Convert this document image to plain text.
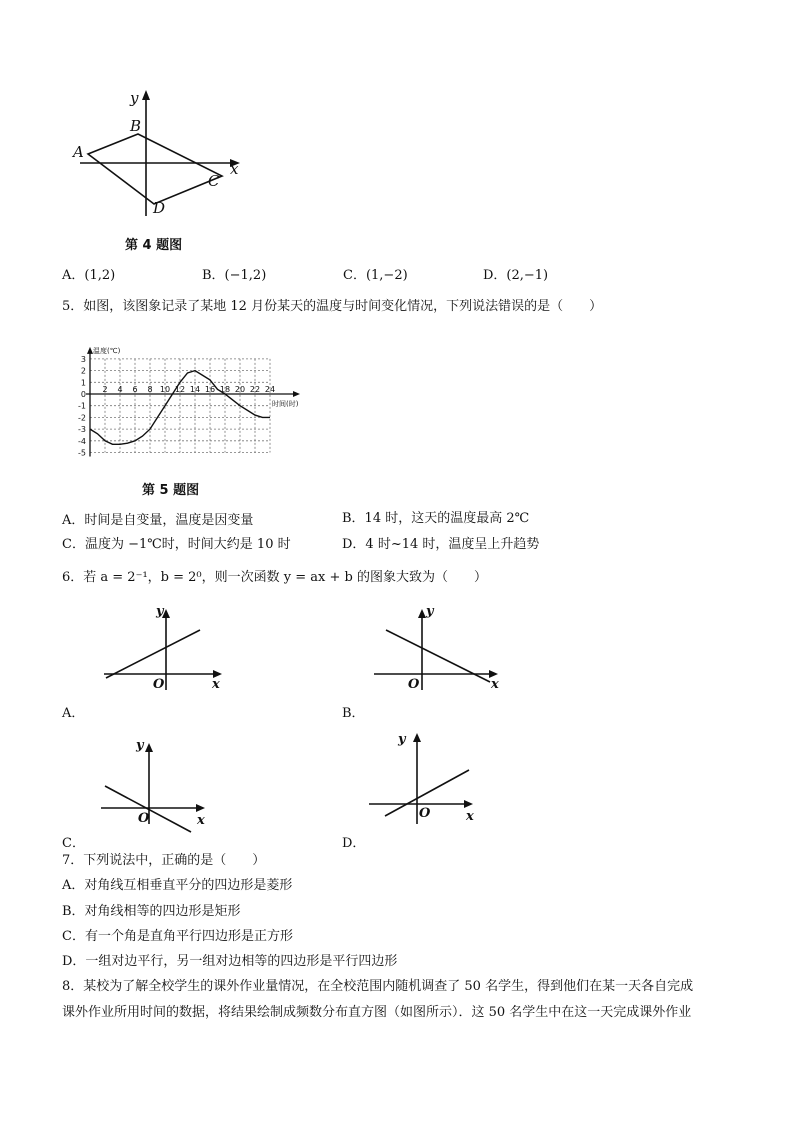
y
x
A
B
C
D
第 4 题图
A．(1,2)	B．(−1,2)	C．(1,−2)	D．(2,−1)
5．如图，该图象记录了某地 12 月份某天的温度与时间变化情况，下列说法错误的是（　　）
温度(℃)
时间(时)
2 4 6 8 10 12 14 16 18 20 22 24
3
2
1
0
-1
-2
-3
-4
-5
第 5 题图
A．时间是自变量，温度是因变量	B．14 时，这天的温度最高 2℃
C．温度为 −1℃时，时间大约是 10 时	D．4 时~14 时，温度呈上升趋势
6．若 a = 2⁻¹，b = 2⁰，则一次函数 y = ax + b 的图象大致为（　　）
y
x
O
A．
y
x
O
B．
y
x
O
C．
y
x
O
D．
7．下列说法中，正确的是（　　）
A．对角线互相垂直平分的四边形是菱形
B．对角线相等的四边形是矩形
C．有一个角是直角平行四边形是正方形
D．一组对边平行，另一组对边相等的四边形是平行四边形
8．某校为了解全校学生的课外作业量情况，在全校范围内随机调查了 50 名学生，得到他们在某一天各自完成
课外作业所用时间的数据，将结果绘制成频数分布直方图（如图所示）．这 50 名学生中在这一天完成课外作业
